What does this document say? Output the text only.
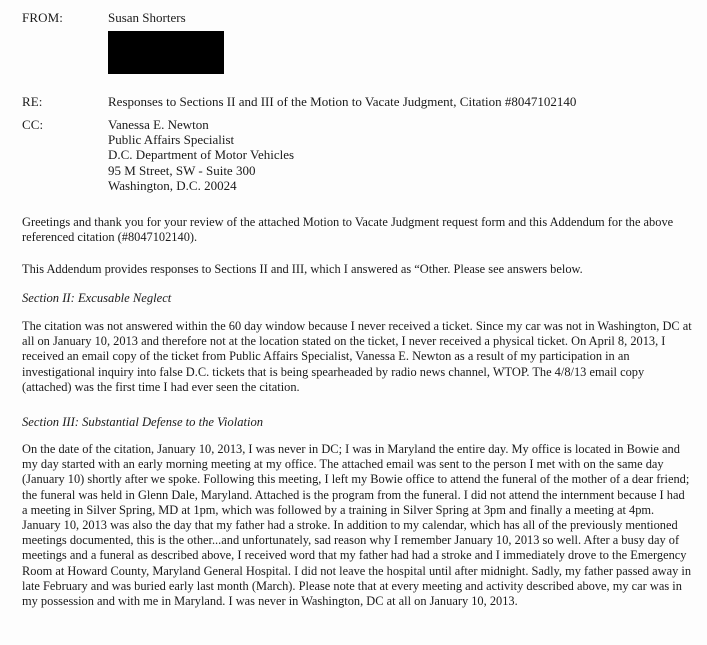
FROM:	Susan Shorters
RE:	Responses to Sections II and III of the Motion to Vacate Judgment, Citation #8047102140
CC:	Vanessa E. Newton
Public Affairs Specialist
D.C. Department of Motor Vehicles
95 M Street, SW - Suite 300
Washington, D.C. 20024
Greetings and thank you for your review of the attached Motion to Vacate Judgment request form and this Addendum for the above referenced citation (#8047102140).
This Addendum provides responses to Sections II and III, which I answered as “Other. Please see answers below.
Section II: Excusable Neglect
The citation was not answered within the 60 day window because I never received a ticket. Since my car was not in Washington, DC at all on January 10, 2013 and therefore not at the location stated on the ticket, I never received a physical ticket. On April 8, 2013, I received an email copy of the ticket from Public Affairs Specialist, Vanessa E. Newton as a result of my participation in an investigational inquiry into false D.C. tickets that is being spearheaded by radio news channel, WTOP. The 4/8/13 email copy (attached) was the first time I had ever seen the citation.
Section III: Substantial Defense to the Violation
On the date of the citation, January 10, 2013, I was never in DC; I was in Maryland the entire day. My office is located in Bowie and my day started with an early morning meeting at my office. The attached email was sent to the person I met with on the same day (January 10) shortly after we spoke. Following this meeting, I left my Bowie office to attend the funeral of the mother of a dear friend; the funeral was held in Glenn Dale, Maryland. Attached is the program from the funeral. I did not attend the internment because I had a meeting in Silver Spring, MD at 1pm, which was followed by a training in Silver Spring at 3pm and finally a meeting at 4pm. January 10, 2013 was also the day that my father had a stroke. In addition to my calendar, which has all of the previously mentioned meetings documented, this is the other...and unfortunately, sad reason why I remember January 10, 2013 so well. After a busy day of meetings and a funeral as described above, I received word that my father had had a stroke and I immediately drove to the Emergency Room at Howard County, Maryland General Hospital. I did not leave the hospital until after midnight. Sadly, my father passed away in late February and was buried early last month (March). Please note that at every meeting and activity described above, my car was in my possession and with me in Maryland. I was never in Washington, DC at all on January 10, 2013.
